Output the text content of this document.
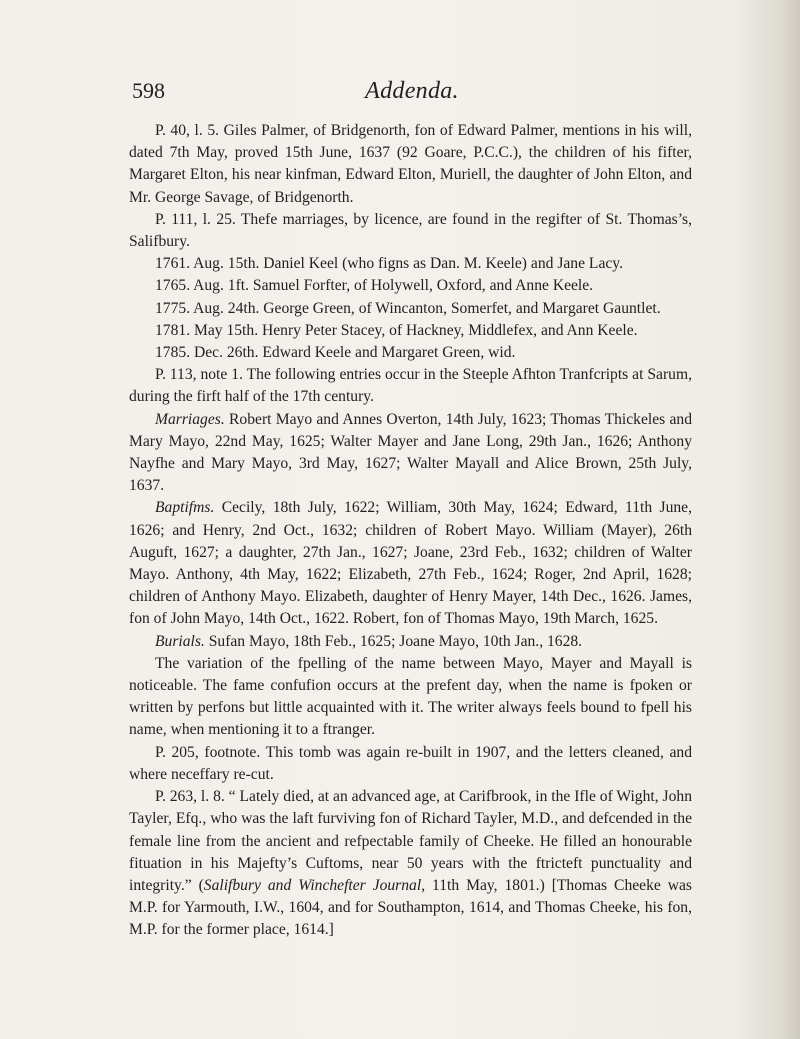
598	Addenda.

P. 40, l. 5. Giles Palmer, of Bridgenorth, fon of Edward Palmer, mentions in his will, dated 7th May, proved 15th June, 1637 (92 Goare, P.C.C.), the children of his fifter, Margaret Elton, his near kinfman, Edward Elton, Muriell, the daughter of John Elton, and Mr. George Savage, of Bridgenorth.

P. 111, l. 25. Thefe marriages, by licence, are found in the regifter of St. Thomas’s, Salifbury.

1761. Aug. 15th. Daniel Keel (who figns as Dan. M. Keele) and Jane Lacy.

1765. Aug. 1ft. Samuel Forfter, of Holywell, Oxford, and Anne Keele.

1775. Aug. 24th. George Green, of Wincanton, Somerfet, and Margaret Gauntlet.

1781. May 15th. Henry Peter Stacey, of Hackney, Middlefex, and Ann Keele.

1785. Dec. 26th. Edward Keele and Margaret Green, wid.

P. 113, note 1. The following entries occur in the Steeple Afhton Tranfcripts at Sarum, during the firft half of the 17th century.

Marriages. Robert Mayo and Annes Overton, 14th July, 1623; Thomas Thickeles and Mary Mayo, 22nd May, 1625; Walter Mayer and Jane Long, 29th Jan., 1626; Anthony Nayfhe and Mary Mayo, 3rd May, 1627; Walter Mayall and Alice Brown, 25th July, 1637.

Baptifms. Cecily, 18th July, 1622; William, 30th May, 1624; Edward, 11th June, 1626; and Henry, 2nd Oct., 1632; children of Robert Mayo. William (Mayer), 26th Auguft, 1627; a daughter, 27th Jan., 1627; Joane, 23rd Feb., 1632; children of Walter Mayo. Anthony, 4th May, 1622; Elizabeth, 27th Feb., 1624; Roger, 2nd April, 1628; children of Anthony Mayo. Elizabeth, daughter of Henry Mayer, 14th Dec., 1626. James, fon of John Mayo, 14th Oct., 1622. Robert, fon of Thomas Mayo, 19th March, 1625.

Burials. Sufan Mayo, 18th Feb., 1625; Joane Mayo, 10th Jan., 1628.

The variation of the fpelling of the name between Mayo, Mayer and Mayall is noticeable. The fame confufion occurs at the prefent day, when the name is fpoken or written by perfons but little acquainted with it. The writer always feels bound to fpell his name, when mentioning it to a ftranger.

P. 205, footnote. This tomb was again re-built in 1907, and the letters cleaned, and where neceffary re-cut.

P. 263, l. 8. “ Lately died, at an advanced age, at Carifbrook, in the Ifle of Wight, John Tayler, Efq., who was the laft furviving fon of Richard Tayler, M.D., and defcended in the female line from the ancient and refpectable family of Cheeke. He filled an honourable fituation in his Majefty’s Cuftoms, near 50 years with the ftricteft punctuality and integrity.” (Salifbury and Winchefter Journal, 11th May, 1801.) [Thomas Cheeke was M.P. for Yarmouth, I.W., 1604, and for Southampton, 1614, and Thomas Cheeke, his fon, M.P. for the former place, 1614.]
